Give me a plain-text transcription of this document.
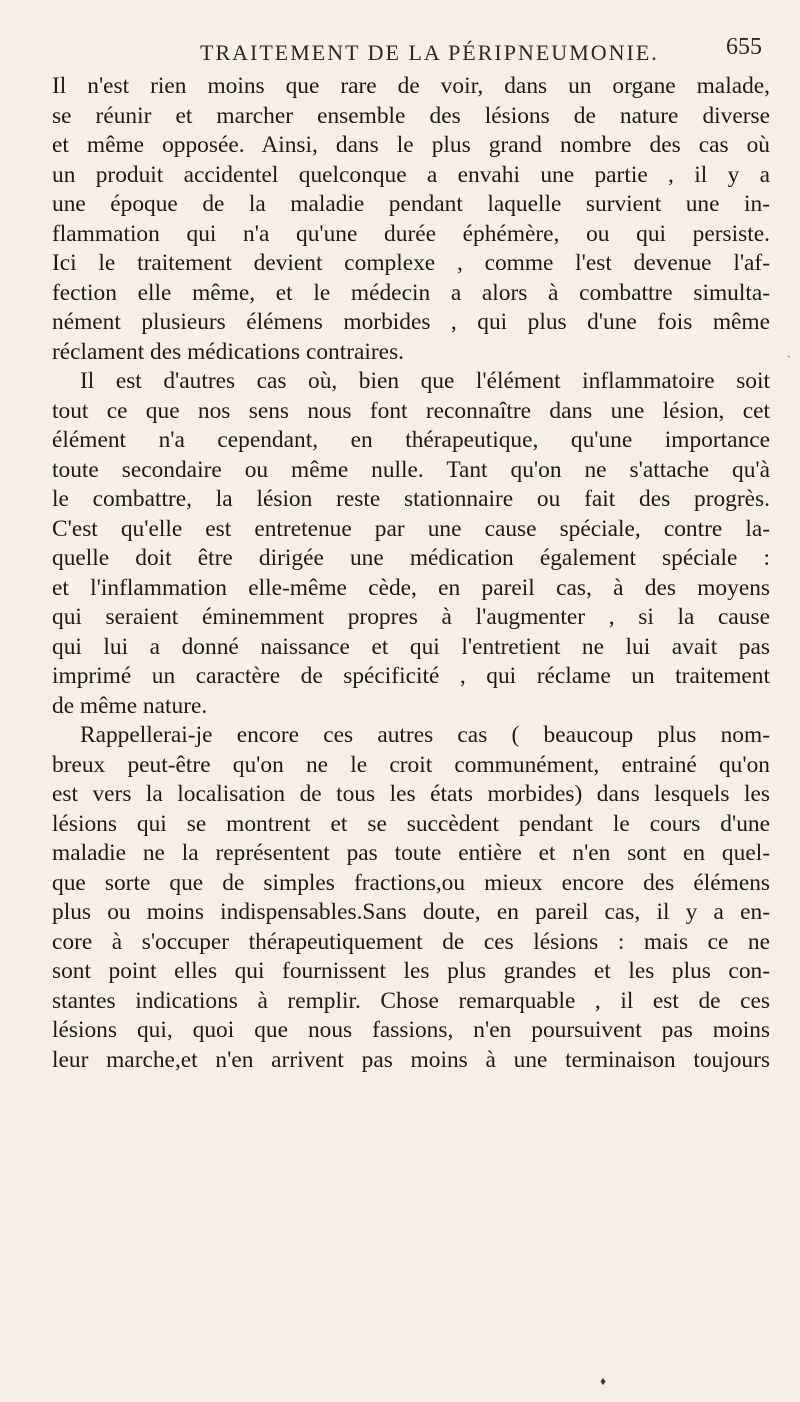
TRAITEMENT DE LA PÉRIPNEUMONIE.	655
Il n'est rien moins que rare de voir, dans un organe malade,
se réunir et marcher ensemble des lésions de nature diverse
et même opposée. Ainsi, dans le plus grand nombre des cas où
un produit accidentel quelconque a envahi une partie , il y a
une époque de la maladie pendant laquelle survient une in-
flammation qui n'a qu'une durée éphémère, ou qui persiste.
Ici le traitement devient complexe , comme l'est devenue l'af-
fection elle même, et le médecin a alors à combattre simulta-
nément plusieurs élémens morbides , qui plus d'une fois même
réclament des médications contraires.
Il est d'autres cas où, bien que l'élément inflammatoire soit
tout ce que nos sens nous font reconnaître dans une lésion, cet
élément n'a cependant, en thérapeutique, qu'une importance
toute secondaire ou même nulle. Tant qu'on ne s'attache qu'à
le combattre, la lésion reste stationnaire ou fait des progrès.
C'est qu'elle est entretenue par une cause spéciale, contre la-
quelle doit être dirigée une médication également spéciale :
et l'inflammation elle-même cède, en pareil cas, à des moyens
qui seraient éminemment propres à l'augmenter , si la cause
qui lui a donné naissance et qui l'entretient ne lui avait pas
imprimé un caractère de spécificité , qui réclame un traitement
de même nature.
Rappellerai-je encore ces autres cas ( beaucoup plus nom-
breux peut-être qu'on ne le croit communément, entrainé qu'on
est vers la localisation de tous les états morbides) dans lesquels les
lésions qui se montrent et se succèdent pendant le cours d'une
maladie ne la représentent pas toute entière et n'en sont en quel-
que sorte que de simples fractions,ou mieux encore des élémens
plus ou moins indispensables.Sans doute, en pareil cas, il y a en-
core à s'occuper thérapeutiquement de ces lésions : mais ce ne
sont point elles qui fournissent les plus grandes et les plus con-
stantes indications à remplir. Chose remarquable , il est de ces
lésions qui, quoi que nous fassions, n'en poursuivent pas moins
leur marche,et n'en arrivent pas moins à une terminaison toujours
`
♦
